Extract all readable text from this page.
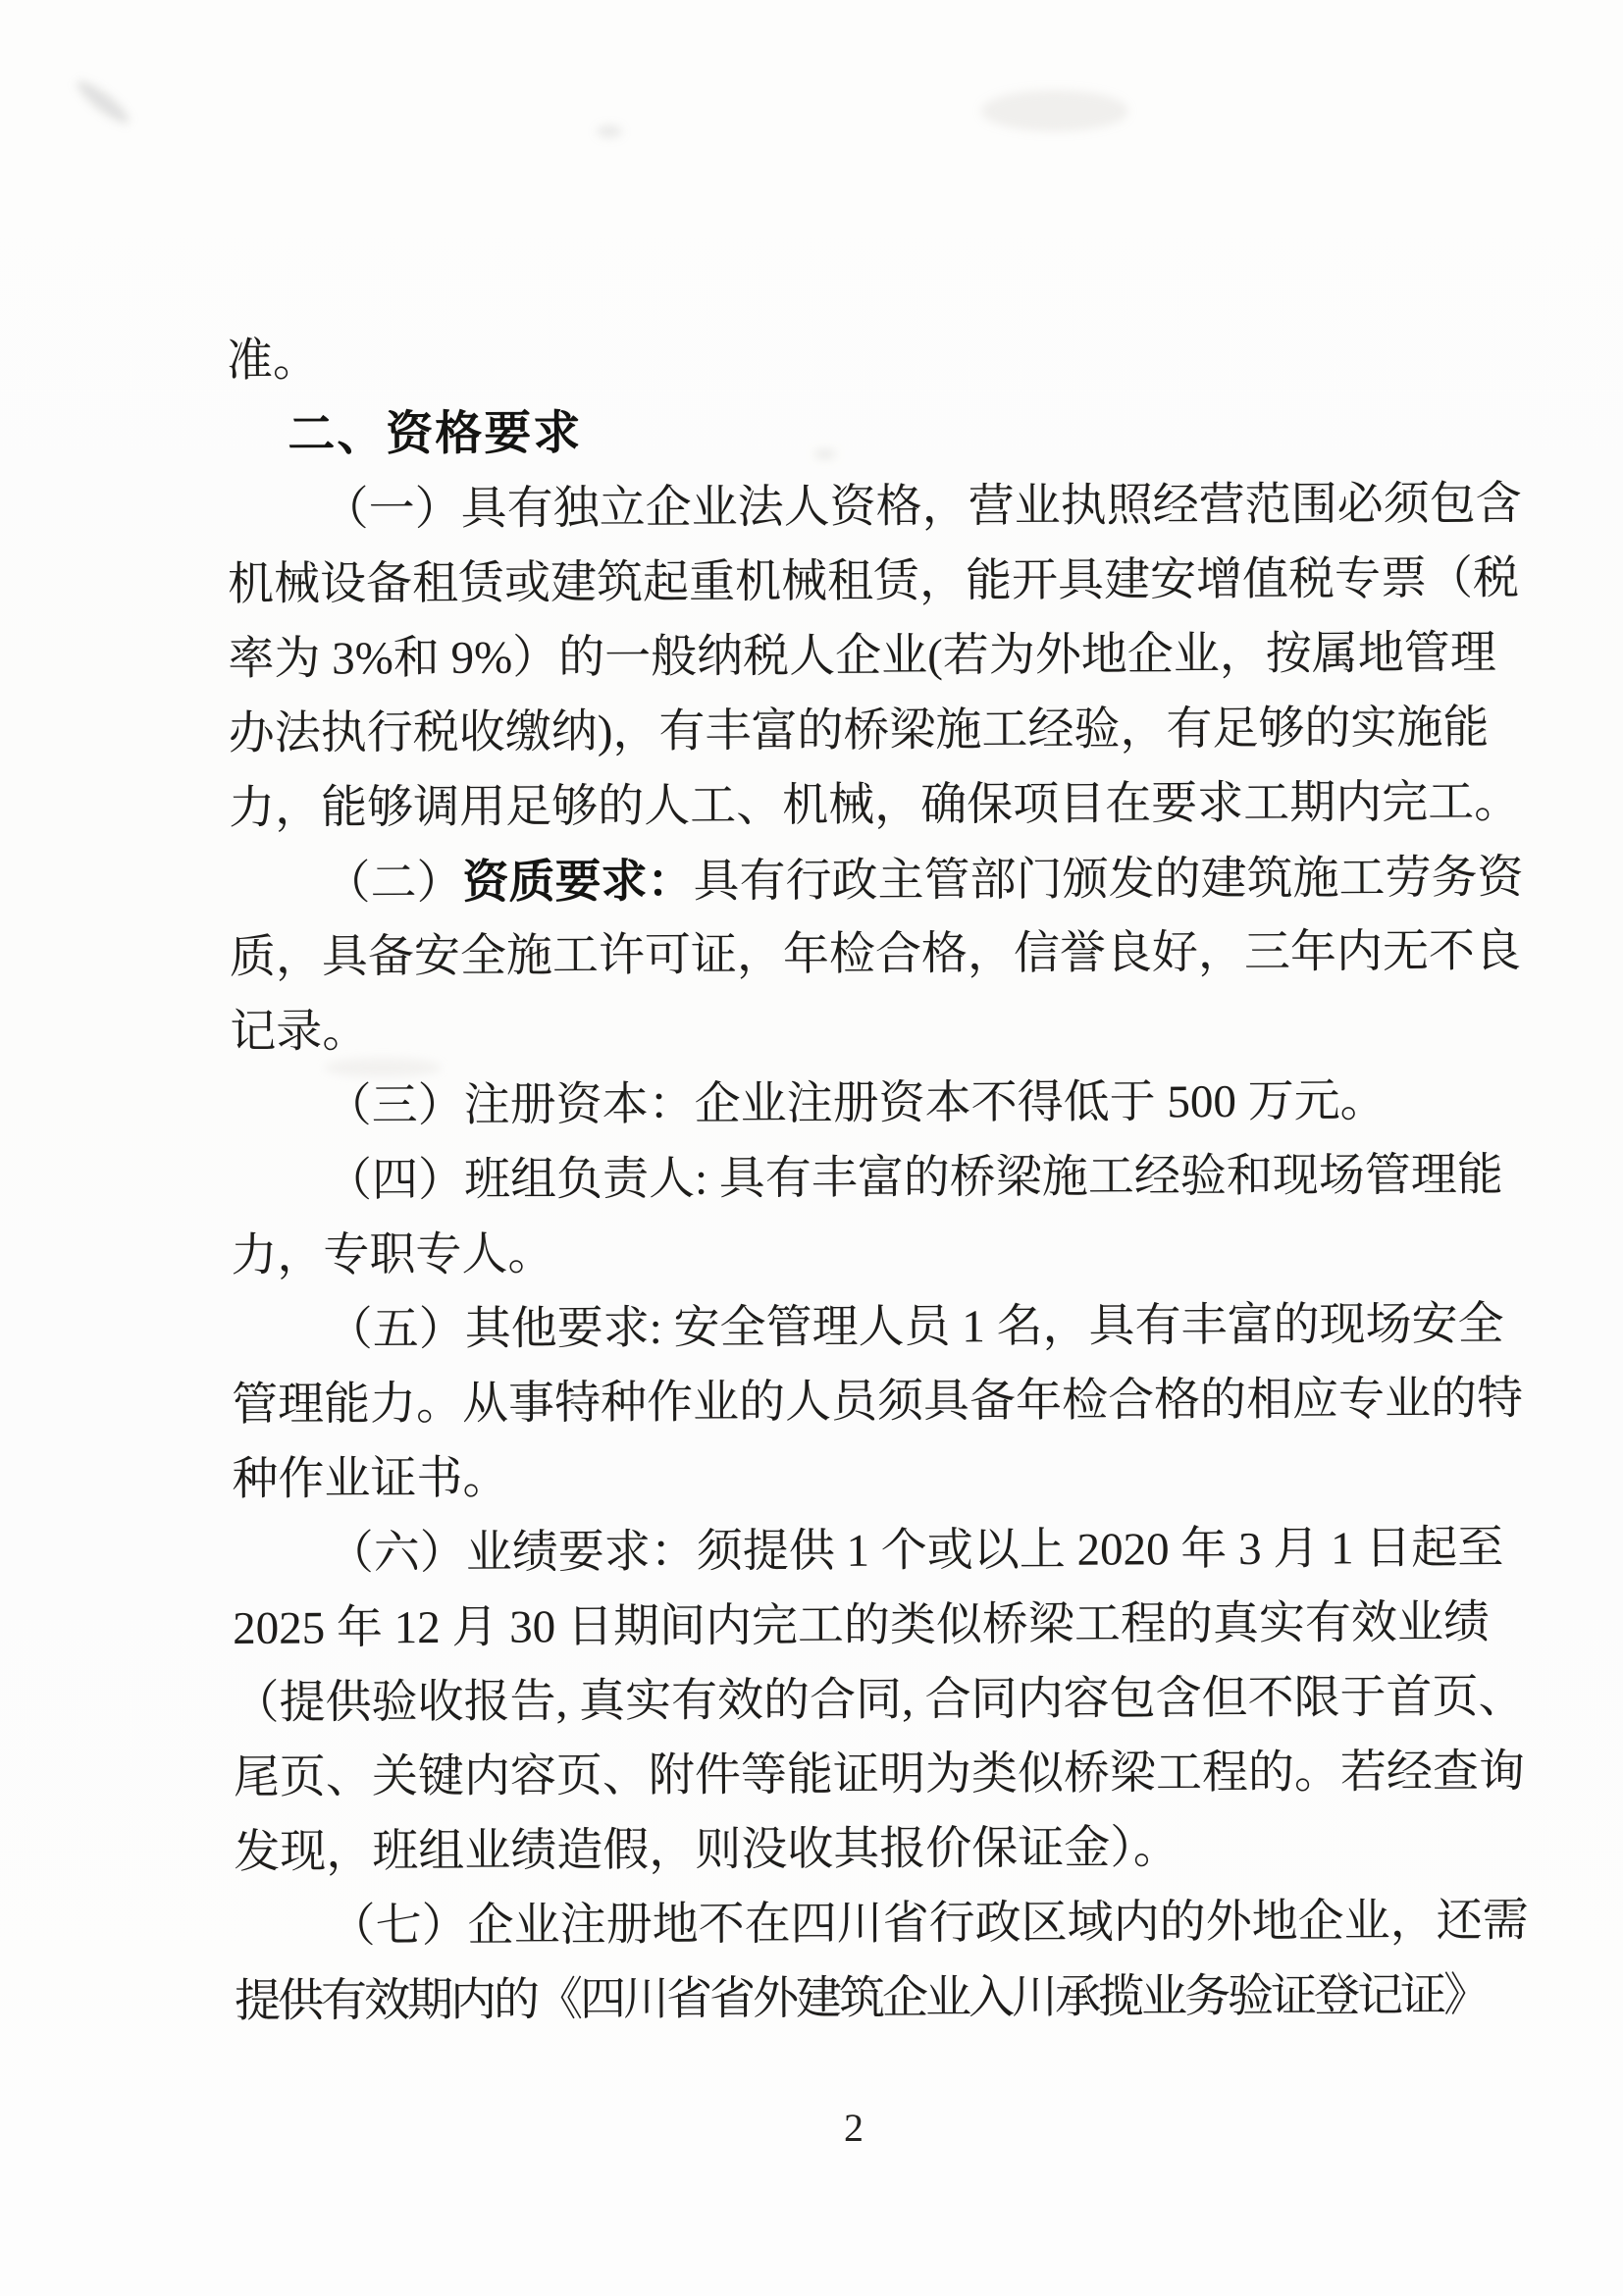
准。
二、资格要求
（一）具有独立企业法人资格，营业执照经营范围必须包含
机械设备租赁或建筑起重机械租赁，能开具建安增值税专票（税
率为 3%和 9%）的一般纳税人企业(若为外地企业，按属地管理
办法执行税收缴纳)，有丰富的桥梁施工经验，有足够的实施能
力，能够调用足够的人工、机械，确保项目在要求工期内完工。
（二）资质要求：具有行政主管部门颁发的建筑施工劳务资
质，具备安全施工许可证，年检合格，信誉良好，三年内无不良
记录。
（三）注册资本：企业注册资本不得低于 500 万元。
（四）班组负责人: 具有丰富的桥梁施工经验和现场管理能
力，专职专人。
（五）其他要求: 安全管理人员 1 名，具有丰富的现场安全
管理能力。从事特种作业的人员须具备年检合格的相应专业的特
种作业证书。
（六）业绩要求：须提供 1 个或以上 2020 年 3 月 1 日起至
2025 年 12 月 30 日期间内完工的类似桥梁工程的真实有效业绩
（提供验收报告, 真实有效的合同, 合同内容包含但不限于首页、
尾页、关键内容页、附件等能证明为类似桥梁工程的。若经查询
发现，班组业绩造假，则没收其报价保证金）。
（七）企业注册地不在四川省行政区域内的外地企业，还需
提供有效期内的《四川省省外建筑企业入川承揽业务验证登记证》
2
